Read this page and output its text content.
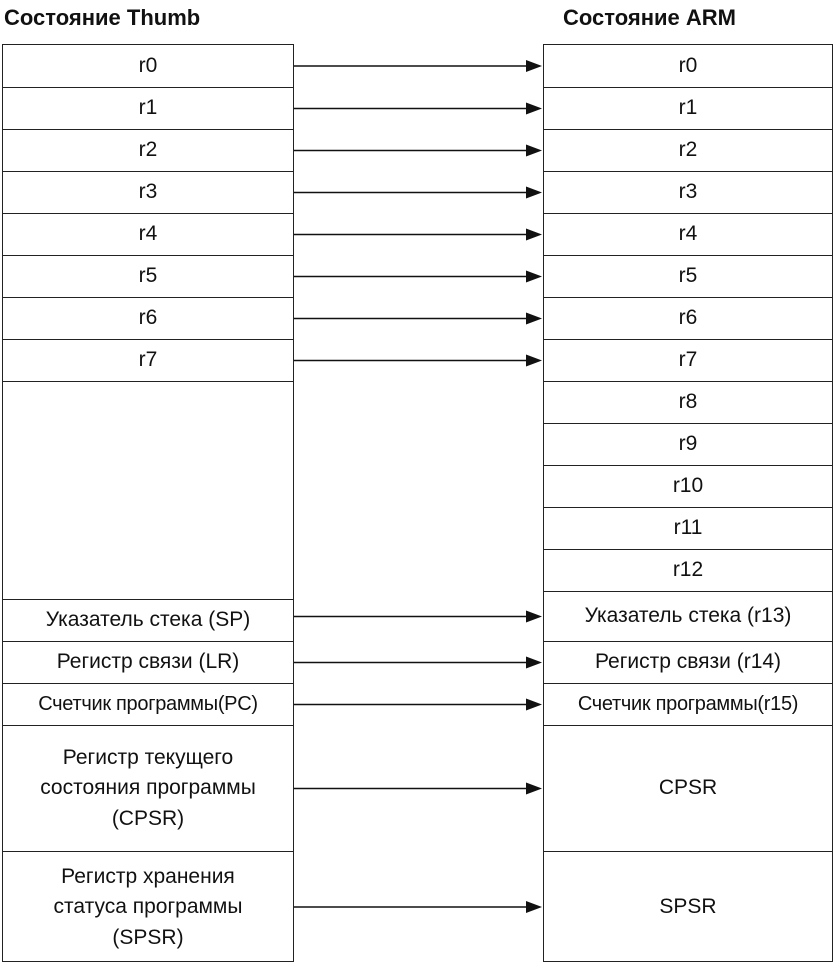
Состояние Thumb	Состояние ARM
r0
r1
r2
r3
r4
r5
r6
r7
Указатель стека (SP)
Регистр связи (LR)
Счетчик программы(PC)
Регистр текущего
состояния программы
(CPSR)
Регистр хранения
статуса программы
(SPSR)
r0
r1
r2
r3
r4
r5
r6
r7
r8
r9
r10
r11
r12
Указатель стека (r13)
Регистр связи (r14)
Счетчик программы(r15)
CPSR
SPSR
